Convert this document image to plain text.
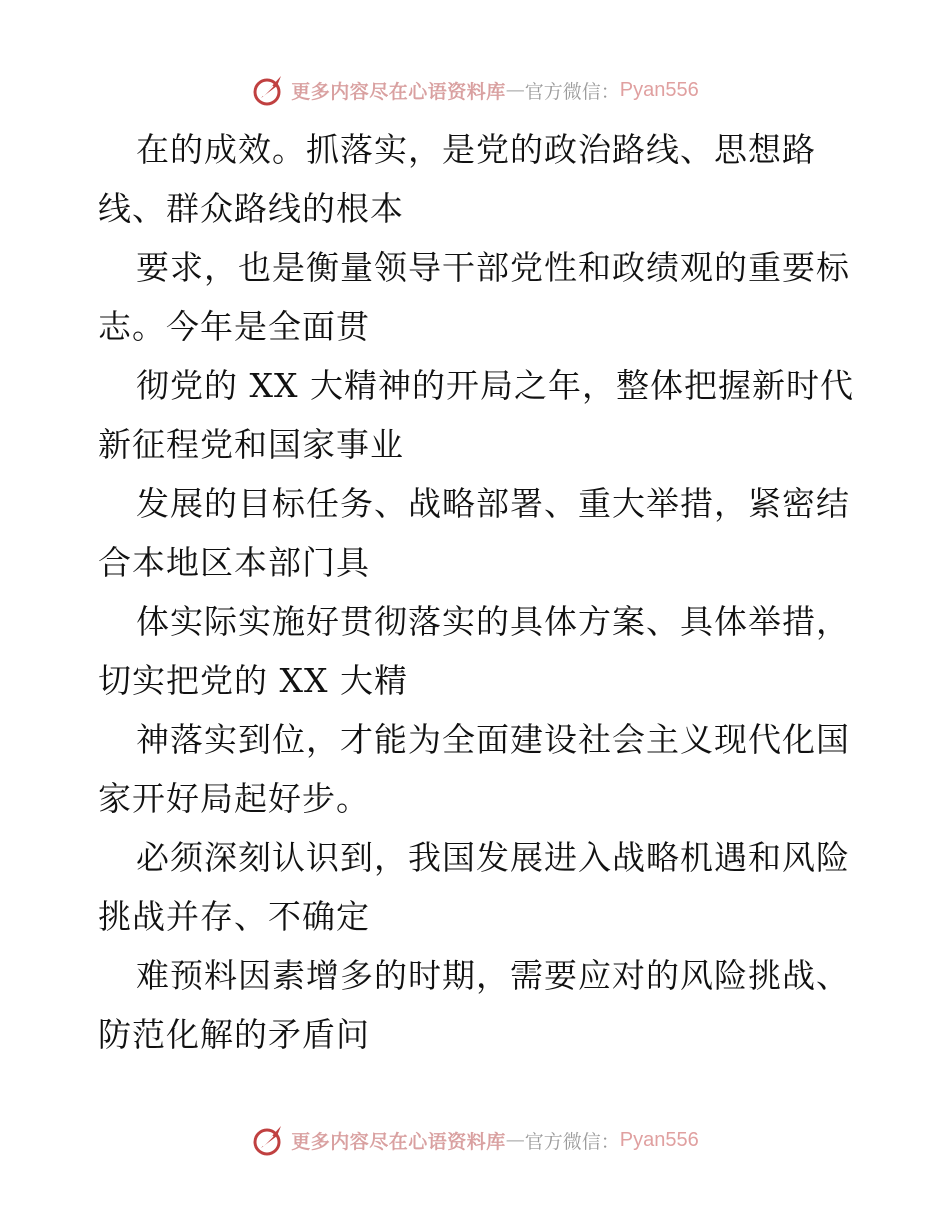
更多内容尽在心语资料库 — 官方微信： Pyan556
在的成效。抓落实，是党的政治路线、思想路
线、群众路线的根本
要求，也是衡量领导干部党性和政绩观的重要标
志。今年是全面贯
彻党的 XX 大精神的开局之年，整体把握新时代
新征程党和国家事业
发展的目标任务、战略部署、重大举措，紧密结
合本地区本部门具
体实际实施好贯彻落实的具体方案、具体举措，
切实把党的 XX 大精
神落实到位，才能为全面建设社会主义现代化国
家开好局起好步。
必须深刻认识到，我国发展进入战略机遇和风险
挑战并存、不确定
难预料因素增多的时期，需要应对的风险挑战、
防范化解的矛盾问
更多内容尽在心语资料库 — 官方微信： Pyan556
